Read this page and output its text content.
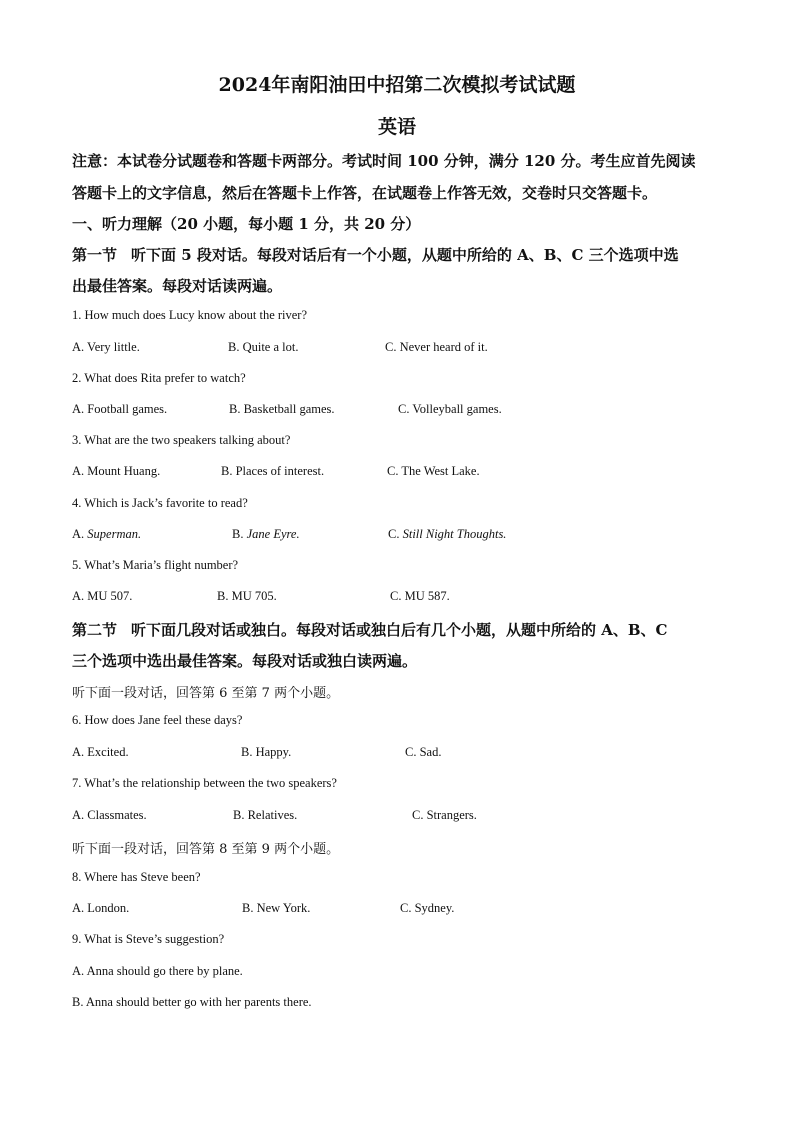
2024年南阳油田中招第二次模拟考试试题
英语
注意：本试卷分试题卷和答题卡两部分。考试时间 100 分钟，满分 120 分。考生应首先阅读
答题卡上的文字信息，然后在答题卡上作答，在试题卷上作答无效，交卷时只交答题卡。
一、听力理解（20 小题，每小题 1 分，共 20 分）
第一节 听下面 5 段对话。每段对话后有一个小题，从题中所给的 A、B、C 三个选项中选
出最佳答案。每段对话读两遍。
1. How much does Lucy know about the river?
A. Very little.	B. Quite a lot.	C. Never heard of it.
2. What does Rita prefer to watch?
A. Football games.	B. Basketball games.	C. Volleyball games.
3. What are the two speakers talking about?
A. Mount Huang.	B. Places of interest.	C. The West Lake.
4. Which is Jack’s favorite to read?
A. Superman.	B. Jane Eyre.	C. Still Night Thoughts.
5. What’s Maria’s flight number?
A. MU 507.	B. MU 705.	C. MU 587.
第二节 听下面几段对话或独白。每段对话或独白后有几个小题，从题中所给的 A、B、C
三个选项中选出最佳答案。每段对话或独白读两遍。
听下面一段对话，回答第 6 至第 7 两个小题。
6. How does Jane feel these days?
A. Excited.	B. Happy.	C. Sad.
7. What’s the relationship between the two speakers?
A. Classmates.	B. Relatives.	C. Strangers.
听下面一段对话，回答第 8 至第 9 两个小题。
8. Where has Steve been?
A. London.	B. New York.	C. Sydney.
9. What is Steve’s suggestion?
A. Anna should go there by plane.
B. Anna should better go with her parents there.
